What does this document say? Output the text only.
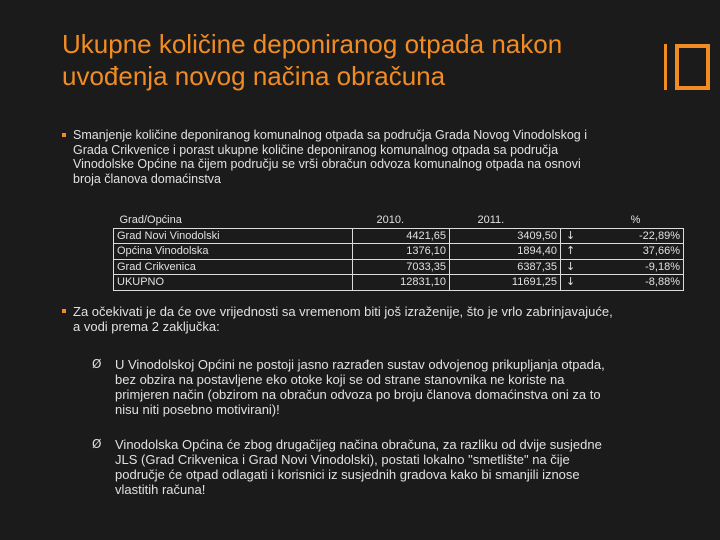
Ukupne količine deponiranog otpada nakon
uvođenja novog načina obračuna
Smanjenje količine deponiranog komunalnog otpada sa područja Grada Novog Vinodolskog i
Grada Crikvenice i porast ukupne količine deponiranog komunalnog otpada sa područja
Vinodolske Općine na čijem području se vrši obračun odvoza komunalnog otpada na osnovi
broja članova domaćinstva
Grad/Općina	2010.	2011.	%
Grad Novi Vinodolski	4421,65	3409,50	↓ -22,89%

Općina Vinodolska	1376,10	1894,40	↑ 37,66%

Grad Crikvenica	7033,35	6387,35	↓ -9,18%

UKUPNO	12831,10	11691,25	↓ -8,88%
Za očekivati je da će ove vrijednosti sa vremenom biti još izraženije, što je vrlo zabrinjavajuće,
a vodi prema 2 zaključka:
Ø U Vinodolskoj Općini ne postoji jasno razrađen sustav odvojenog prikupljanja otpada,
bez obzira na postavljene eko otoke koji se od strane stanovnika ne koriste na
primjeren način (obzirom na obračun odvoza po broju članova domaćinstva oni za to
nisu niti posebno motivirani)!
Ø Vinodolska Općina će zbog drugačijeg načina obračuna, za razliku od dvije susjedne
JLS (Grad Crikvenica i Grad Novi Vinodolski), postati lokalno "smetlište" na čije
područje će otpad odlagati i korisnici iz susjednih gradova kako bi smanjili iznose
vlastitih računa!
